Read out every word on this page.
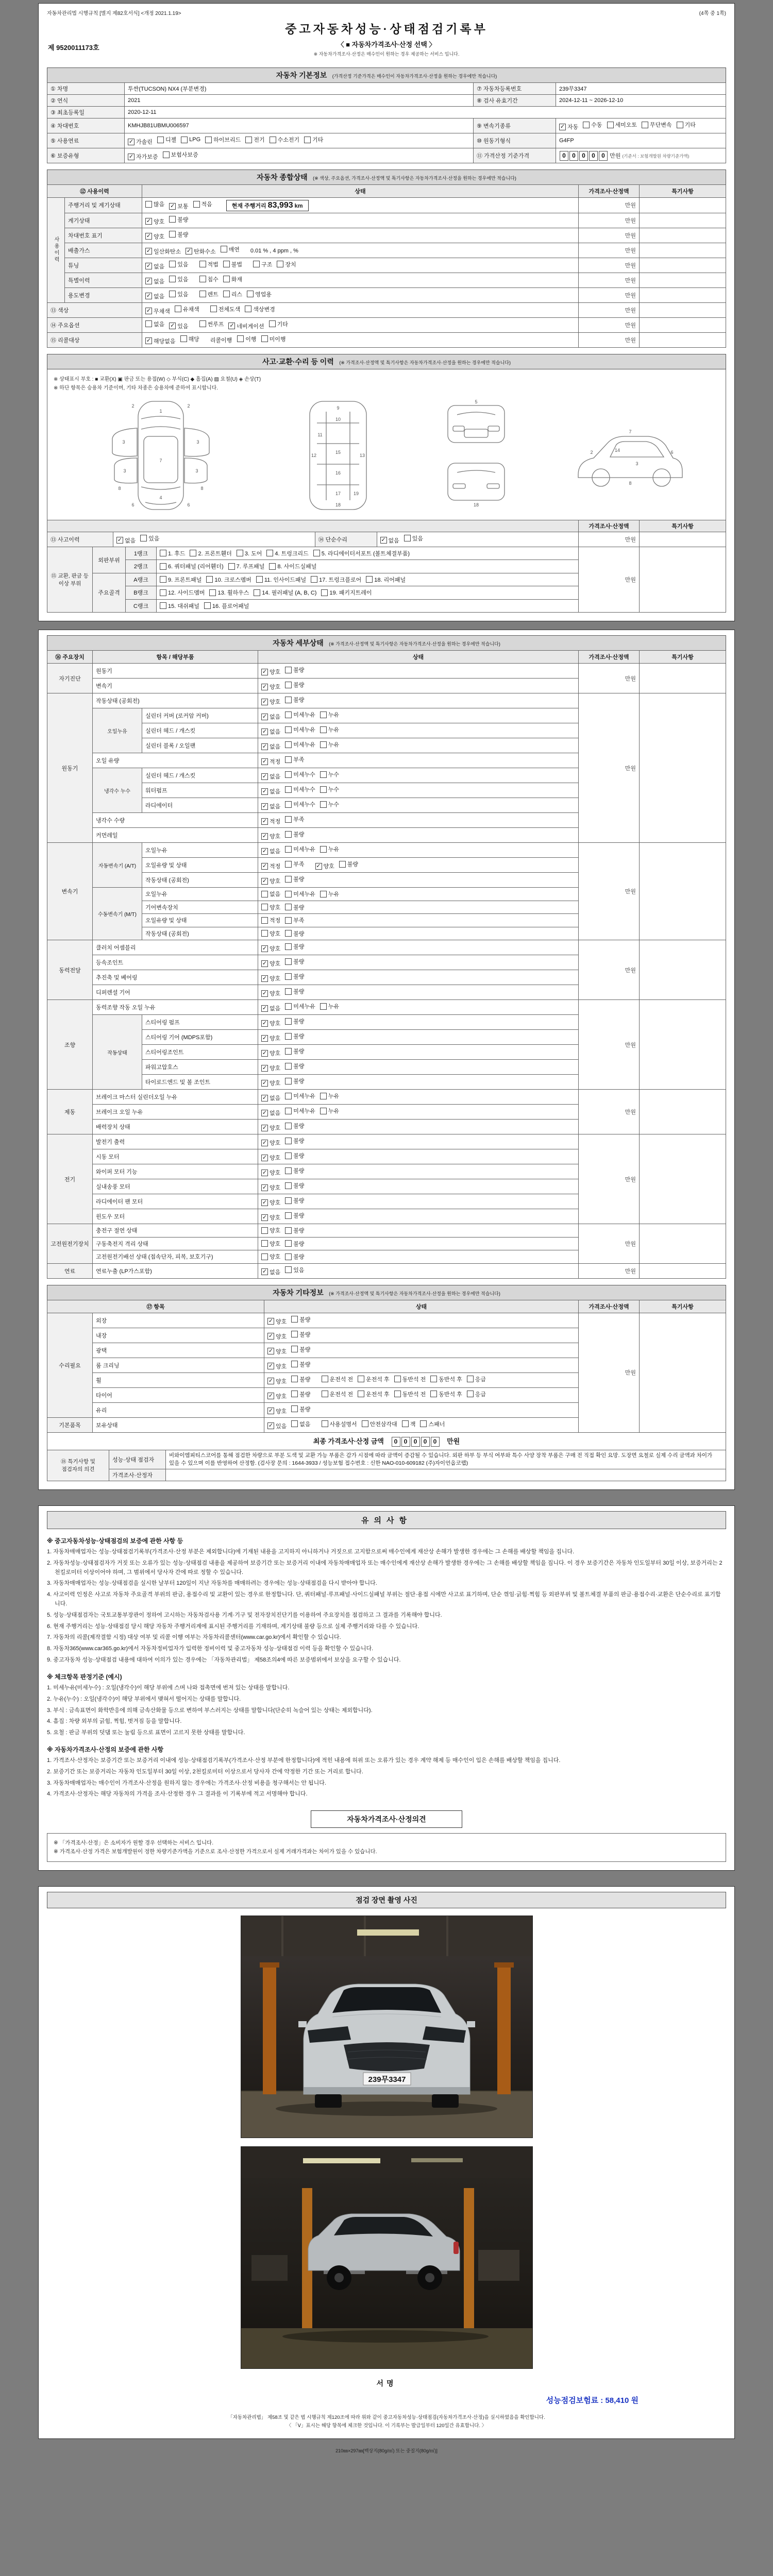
자동차관리법 시행규칙 [별지 제82호서식] <개정 2021.1.19>	(4쪽 중 1쪽)
제 9520011173호
중고자동차성능·상태점검기록부
〈 ■ 자동차가격조사·산정 선택 〉
※ 자동차가격조사·산정은 매수인이 원하는 경우 제공하는 서비스 입니다.
자동차 기본정보 (가격산정 기준가격은 매수인이 자동차가격조사·산정을 원하는 경우에만 적습니다)
① 차명	투싼(TUCSON) NX4 (부분변경)	⑦ 자동차등록번호	239무3347
② 연식	2021	⑧ 검사 유효기간	2024-12-11 ~ 2026-12-10
③ 최초등록일	2020-12-11		
④ 차대번호	KMHJB81UBMU006597	⑨ 변속기종류	✓ 자동 수동 세미오토 무단변속 기타

⑤ 사용연료	✓ 가솔린 디젤 LPG 하이브리드 전기 수소전기 기타	⑩ 원동기형식	G4FP
⑥ 보증유형	✓ 자가보증 보험사보증	⑪ 가격산정 기준가격	0	0	0	0	0 만원 (기준서 : 보험개발원 차량기준가액)
자동차 종합상태 (※ 색상, 주요옵션, 가격조사·산정액 및 특기사항은 자동차가격조사·산정을 원하는 경우에만 적습니다)
⑫ 사용이력		상태	가격조사·산정액	특기사항
사용이력	주행거리 및 계기상태	많음 ✓ 보통 적음 현재 주행거리 83,993 km	만원	
	계기상태	✓ 양호 불량	만원	
	차대번호 표기	✓ 양호 불량	만원	
배출가스	✓ 일산화탄소 ✓ 탄화수소 매연 0.01 % , 4 ppm , %	만원	
튜닝	✓ 없음 있음	적법 불법	구조 장치	만원	
	특별이력	✓ 없음 있음 침수 화재	만원	
용도변경	✓ 없음 있음	렌트 리스 영업용	만원	
⑬ 색상		✓ 무채색 유채색 전체도색 색상변경	만원	
⑭ 주요옵션	없음 ✓ 있음	썬루프 ✓ 네비게이션 기타	만원	
⑮ 리콜대상	✓ 해당없음 해당 리콜이행 이행 미이행	만원	
사고·교환·수리 등 이력 (※ 가격조사·산정액 및 특기사항은 자동차가격조사·산정을 원하는 경우에만 적습니다)
※ 상태표시 부호 : ■ 교환(X) ▣ 판금 또는 용접(W) ◇ 부식(C) ◆ 흠집(A) ▨ 요철(U) ◈ 손상(T)
※ 하단 항목은 승용차 기준이며, 기타 차종은 승용차에 준하여 표시합니다.
1
2	2
3	3
3	3
4
7
6	6
8	8
9
10
11
12	13
15
16
17
18
19
5
18
7
2
3
6
8
14
				가격조사·산정액	특기사항
⑬ 사고이력	✓ 없음 있음	⑭ 단순수리	✓ 없음 있음	만원	
⑮ 교환, 판금 등 이상 부위	외판부위	1랭크	1. 후드 2. 프론트휀더 3. 도어 4. 트렁크리드 5. 라디에이터서포트 (볼트체결부품)	만원	
		2랭크	6. 쿼터패널 (리어휀더) 7. 루프패널 8. 사이드실패널		

	주요골격	A랭크	9. 프론트패널 10. 크로스멤버 11. 인사이드패널 17. 트렁크플로어 18. 리어패널		

		B랭크	12. 사이드멤버 13. 휠하우스 14. 필러패널 (A, B, C) 19. 패키지트레이		

		C랭크	15. 대쉬패널 16. 플로어패널		
자동차 세부상태 (※ 가격조사·산정액 및 특기사항은 자동차가격조사·산정을 원하는 경우에만 적습니다)
⑯ 주요장치	항목 / 해당부품		상태	가격조사·산정액	특기사항
자기진단	원동기		✓ 양호 불량	만원	
	변속기		✓ 양호 불량		

원동기	작동상태 (공회전)		✓ 양호 불량	만원	
	오일누유	실린더 커버 (로커암 커버)	✓ 없음 미세누유 누유		

		실린더 헤드 / 개스킷	✓ 없음 미세누유 누유		

		실린더 블록 / 오일팬	✓ 없음 미세누유 누유		

	오일 유량		✓ 적정 부족		

	냉각수 누수	실린더 헤드 / 개스킷	✓ 없음 미세누수 누수		

		워터펌프	✓ 없음 미세누수 누수		

		라디에이터	✓ 없음 미세누수 누수		

	냉각수 수량		✓ 적정 부족		

	커먼레일		✓ 양호 불량		

변속기	자동변속기 (A/T)	오일누유	✓ 없음 미세누유 누유	만원	
오일유량 및 상태	✓ 적정 부족 ✓ 양호 불량

		작동상태 (공회전)	✓ 양호 불량		

	수동변속기 (M/T)	오일누유	없음 미세누유 누유		

		기어변속장치	양호 불량		

		오일유량 및 상태	적정 부족		

		작동상태 (공회전)	양호 불량		

동력전달	클러치 어셈블리		✓ 양호 불량	만원	
	등속조인트		✓ 양호 불량		

	추진축 및 베어링		✓ 양호 불량		

	디퍼렌셜 기어		✓ 양호 불량		

조향	동력조향 작동 오일 누유		✓ 없음 미세누유 누유	만원	
	작동상태	스티어링 펌프	✓ 양호 불량		

		스티어링 기어 (MDPS포함)	✓ 양호 불량		

		스티어링조인트	✓ 양호 불량		

		파워고압호스	✓ 양호 불량		

		타이로드엔드 및 볼 조인트	✓ 양호 불량		

제동	브레이크 마스터 실린더오일 누유		✓ 없음 미세누유 누유	만원	
	브레이크 오일 누유		✓ 없음 미세누유 누유		

	배력장치 상태		✓ 양호 불량		

전기	발전기 출력		✓ 양호 불량	만원	
	시동 모터		✓ 양호 불량		

	와이퍼 모터 기능		✓ 양호 불량		

	실내송풍 모터		✓ 양호 불량		

	라디에이터 팬 모터		✓ 양호 불량		

	윈도우 모터		✓ 양호 불량		

고전원전기장치	충전구 절연 상태		양호 불량	만원	
	구동축전지 격리 상태		양호 불량		

	고전원전기배선 상태 (접속단자, 피복, 보호기구)		양호 불량		

연료	연료누출 (LP가스포함)		✓ 없음 있음	만원	
자동차 기타정보 (※ 가격조사·산정액 및 특기사항은 자동차가격조사·산정을 원하는 경우에만 적습니다)
⑰ 항목		상태	가격조사·산정액	특기사항
수리필요	외장	✓ 양호 불량	만원	
	내장	✓ 양호 불량		

	광택	✓ 양호 불량		

	룸 크리닝	✓ 양호 불량		

휠	✓ 양호 불량	운전석 전 운전석 후 동반석 전 동반석 후 응급

타이어	✓ 양호 불량	운전석 전 운전석 후 동반석 전 동반석 후 응급

	유리	✓ 양호 불량		

기본품목	보유상태	✓ 있음 없음	사용설명서 안전삼각대 잭 스패너
최종 가격조사·산정 금액	0	0	0	0	0	만원
⑱ 특기사항 및 점검자의 의견	성능·상태 점검자	비와이엠피티스코어를 통해 점검한 차량으로 부분 도색 및 교환 가능 부품은 감가 시점에 따라 금액이 증감될 수 있습니다. 외판 하부 등 부식 여부와 특수 사양 장착 부품은 구매 전 직접 확인 요망. 도장면 요철로 실제 수리 금액과 차이가 있을 수 있으며 이를 반영하여 산정함. (검사장 문의 : 1644-3933 / 성능보험 접수번호 : 신한 NAO-010-609182 (주)자이언옵코랩)
	가격조사·산정자	
유의사항
※ 중고자동차성능·상태점검의 보증에 관한 사항 등
1. 자동차매매업자는 성능·상태점검기록부(가격조사·산정 부분은 제외합니다)에 기재된 내용을 고지하지 아니하거나 거짓으로 고지함으로써 매수인에게 재산상 손해가 발생한 경우에는 그 손해를 배상할 책임을 집니다.
2. 자동차성능·상태점검자가 거짓 또는 오류가 있는 성능·상태점검 내용을 제공하여 보증기간 또는 보증거리 이내에 자동차매매업자 또는 매수인에게 재산상 손해가 발생한 경우에는 그 손해를 배상할 책임을 집니다. 이 경우 보증기간은 자동차 인도일부터 30일 이상, 보증거리는 2천킬로미터 이상이어야 하며, 그 범위에서 당사자 간에 따로 정할 수 있습니다.
3. 자동차매매업자는 성능·상태점검을 실시한 날부터 120일이 지난 자동차를 매매하려는 경우에는 성능·상태점검을 다시 받아야 합니다.
4. 사고이력 인정은 사고로 자동차 주요골격 부위의 판금, 용접수리 및 교환이 있는 경우로 한정합니다. 단, 쿼터패널·루프패널·사이드실패널 부위는 절단·용접 시에만 사고로 표기하며, 단순 꺾임·긁힘·찍힘 등 외판부위 및 볼트체결 부품의 판금·용접수리·교환은 단순수리로 표기합니다.
5. 성능·상태점검자는 국토교통부장관이 정하여 고시하는 자동차검사용 기계·기구 및 전자장치진단기를 이용하여 주요장치를 점검하고 그 결과를 기록해야 합니다.
6. 현재 주행거리는 성능·상태점검 당시 해당 자동차 주행거리계에 표시된 주행거리를 기재하며, 계기상태 불량 등으로 실제 주행거리와 다를 수 있습니다.
7. 자동차의 리콜(제작결함 시정) 대상 여부 및 리콜 이행 여부는 자동차리콜센터(www.car.go.kr)에서 확인할 수 있습니다.
8. 자동차365(www.car365.go.kr)에서 자동차정비업자가 입력한 정비이력 및 중고자동차 성능·상태점검 이력 등을 확인할 수 있습니다.
9. 중고자동차 성능·상태점검 내용에 대하여 이의가 있는 경우에는 「자동차관리법」 제58조의4에 따른 보증범위에서 보상을 요구할 수 있습니다.
※ 체크항목 판정기준 (예시)
1. 미세누유(미세누수) : 오일(냉각수)이 해당 부위에 스며 나와 접촉면에 번져 있는 상태를 말합니다.
2. 누유(누수) : 오일(냉각수)이 해당 부위에서 맺혀서 떨어지는 상태를 말합니다.
3. 부식 : 금속표면이 화학반응에 의해 금속산화물 등으로 변하여 부스러지는 상태를 말합니다(단순히 녹슬어 있는 상태는 제외합니다).
4. 흠집 : 차량 외부의 긁힘, 찍힘, 벗겨짐 등을 말합니다.
5. 요철 : 판금 부위의 덧댐 또는 눌림 등으로 표면이 고르지 못한 상태를 말합니다.
※ 자동차가격조사·산정의 보증에 관한 사항
1. 가격조사·산정자는 보증기간 또는 보증거리 이내에 성능·상태점검기록부(가격조사·산정 부분에 한정합니다)에 적힌 내용에 허위 또는 오류가 있는 경우 계약 해제 등 매수인이 입은 손해를 배상할 책임을 집니다.
2. 보증기간 또는 보증거리는 자동차 인도일부터 30일 이상, 2천킬로미터 이상으로서 당사자 간에 약정한 기간 또는 거리로 합니다.
3. 자동차매매업자는 매수인이 가격조사·산정을 원하지 않는 경우에는 가격조사·산정 비용을 청구해서는 안 됩니다.
4. 가격조사·산정자는 해당 자동차의 가격을 조사·산정한 경우 그 결과를 이 기록부에 적고 서명해야 합니다.
자동차가격조사·산정의견
※ 「가격조사·산정」은 소비자가 원할 경우 선택하는 서비스 입니다.
※ 가격조사·산정 가격은 보험개발원이 정한 차량기준가액을 기준으로 조사·산정한 가격으로서 실제 거래가격과는 차이가 있을 수 있습니다.
점검 장면 촬영 사진
239무3347
서명
성능점검보험료 : 58,410 원
「자동차관리법」 제58조 및 같은 법 시행규칙 제120조에 따라 위와 같이 중고자동차성능·상태점검(자동차가격조사·산정)을 실시하였음을 확인합니다.
〈 「Ⅴ」표시는 해당 항목에 체크한 것입니다. 이 기록부는 발급일부터 120일간 유효합니다. 〉
210㎜×297㎜[백상지(80g/㎡) 또는 중질지(80g/㎡)]
